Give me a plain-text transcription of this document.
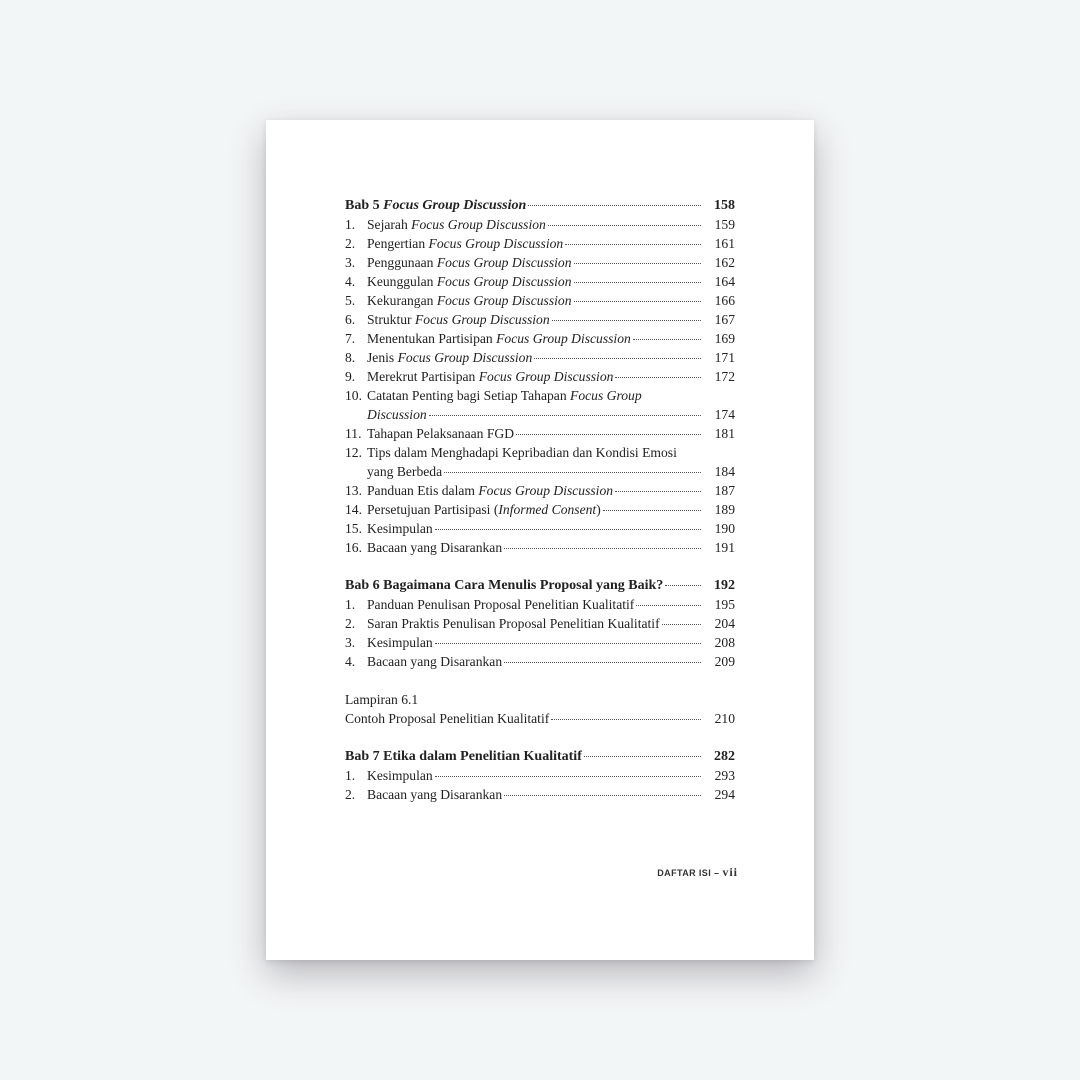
Bab 5 Focus Group Discussion	158
1. Sejarah Focus Group Discussion	159
2. Pengertian Focus Group Discussion	161
3. Penggunaan Focus Group Discussion	162
4. Keunggulan Focus Group Discussion	164
5. Kekurangan Focus Group Discussion	166
6. Struktur Focus Group Discussion	167
7. Menentukan Partisipan Focus Group Discussion	169
8. Jenis Focus Group Discussion	171
9. Merekrut Partisipan Focus Group Discussion	172
10. Catatan Penting bagi Setiap Tahapan Focus Group
Discussion	174
11. Tahapan Pelaksanaan FGD	181
12. Tips dalam Menghadapi Kepribadian dan Kondisi Emosi
yang Berbeda	184
13. Panduan Etis dalam Focus Group Discussion	187
14. Persetujuan Partisipasi (Informed Consent)	189
15. Kesimpulan	190
16. Bacaan yang Disarankan	191
Bab 6 Bagaimana Cara Menulis Proposal yang Baik?	192
1. Panduan Penulisan Proposal Penelitian Kualitatif	195
2. Saran Praktis Penulisan Proposal Penelitian Kualitatif	204
3. Kesimpulan	208
4. Bacaan yang Disarankan	209
Lampiran 6.1
Contoh Proposal Penelitian Kualitatif	210
Bab 7 Etika dalam Penelitian Kualitatif	282
1. Kesimpulan	293
2. Bacaan yang Disarankan	294
DAFTAR ISI – vii
